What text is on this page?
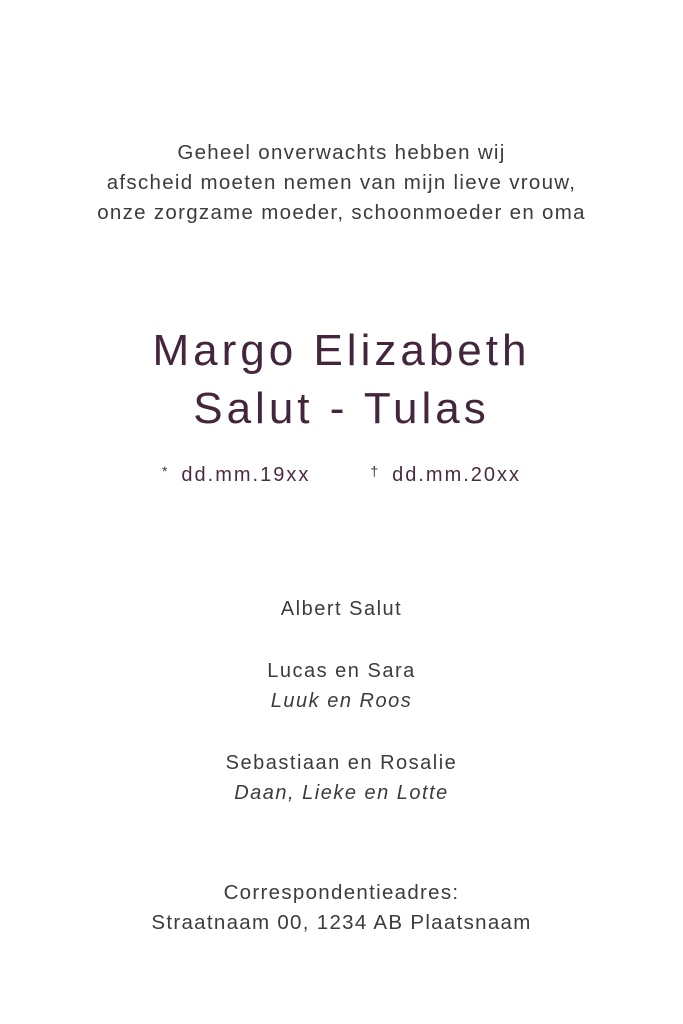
Geheel onverwachts hebben wij
afscheid moeten nemen van mijn lieve vrouw,
onze zorgzame moeder, schoonmoeder en oma
Margo Elizabeth
Salut - Tulas
* dd.mm.19xx	† dd.mm.20xx
Albert Salut
Lucas en Sara
Luuk en Roos
Sebastiaan en Rosalie
Daan, Lieke en Lotte
Correspondentieadres:
Straatnaam 00, 1234 AB Plaatsnaam
